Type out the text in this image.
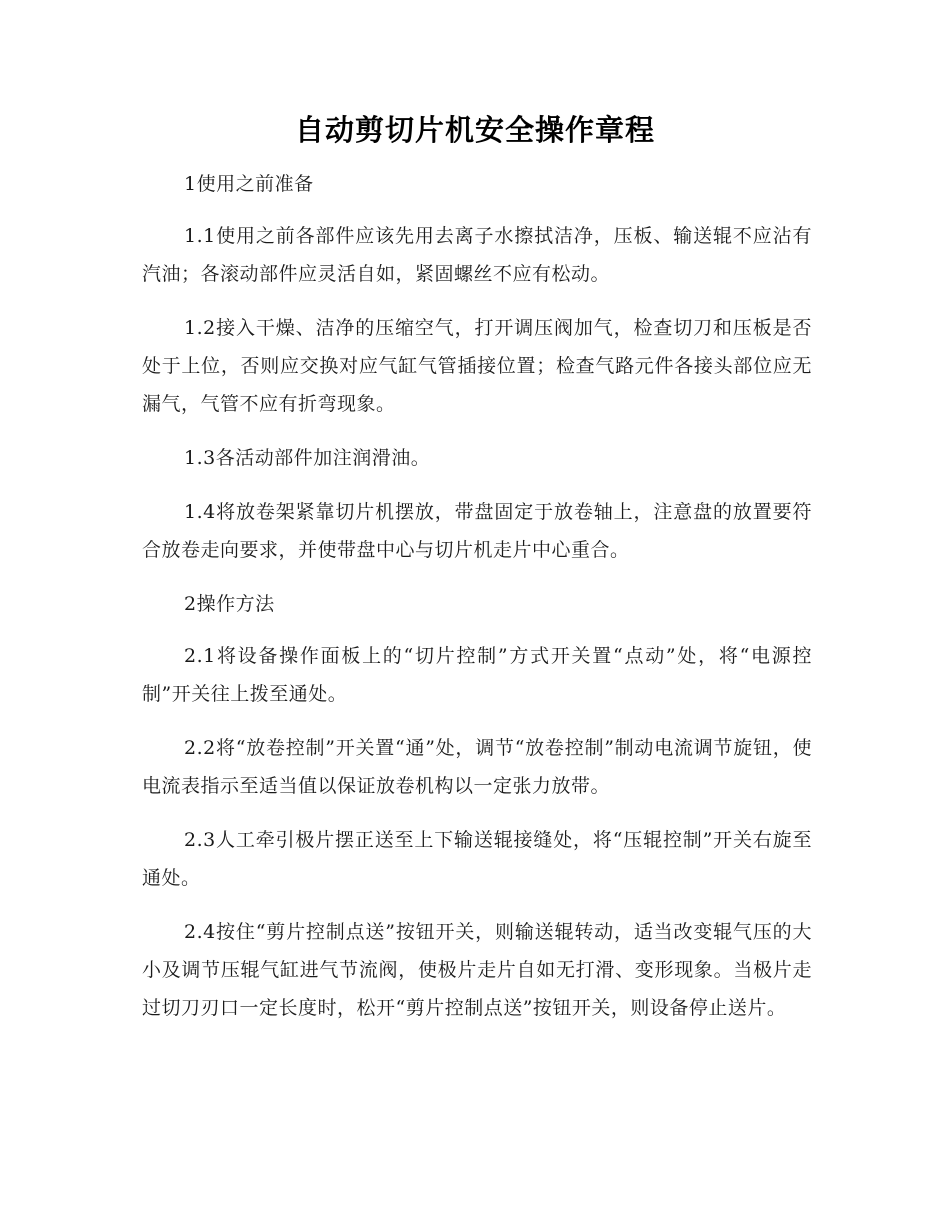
自动剪切片机安全操作章程

1使用之前准备

1.1使用之前各部件应该先用去离子水擦拭洁净，压板、输送辊不应沾有汽油；各滚动部件应灵活自如，紧固螺丝不应有松动。

1.2接入干燥、洁净的压缩空气，打开调压阀加气，检查切刀和压板是否处于上位，否则应交换对应气缸气管插接位置；检查气路元件各接头部位应无漏气，气管不应有折弯现象。

1.3各活动部件加注润滑油。

1.4将放卷架紧靠切片机摆放，带盘固定于放卷轴上，注意盘的放置要符合放卷走向要求，并使带盘中心与切片机走片中心重合。

2操作方法

2.1将设备操作面板上的“切片控制”方式开关置“点动”处，将“电源控制”开关往上拨至通处。

2.2将“放卷控制”开关置“通”处，调节“放卷控制”制动电流调节旋钮，使电流表指示至适当值以保证放卷机构以一定张力放带。

2.3人工牵引极片摆正送至上下输送辊接缝处，将“压辊控制”开关右旋至通处。

2.4按住“剪片控制点送”按钮开关，则输送辊转动，适当改变辊气压的大小及调节压辊气缸进气节流阀，使极片走片自如无打滑、变形现象。当极片走过切刀刃口一定长度时，松开“剪片控制点送”按钮开关，则设备停止送片。
